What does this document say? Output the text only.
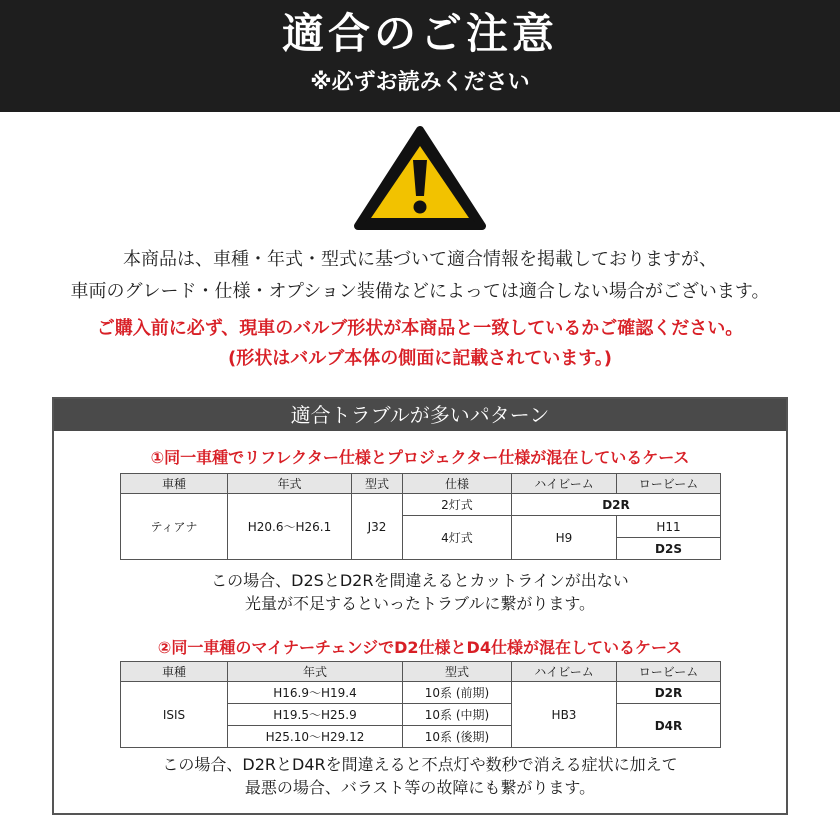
適合のご注意
※必ずお読みください
本商品は、車種・年式・型式に基づいて適合情報を掲載しておりますが、
車両のグレード・仕様・オプション装備などによっては適合しない場合がございます。
ご購入前に必ず、現車のバルブ形状が本商品と一致しているかご確認ください。
(形状はバルブ本体の側面に記載されています。)
適合トラブルが多いパターン
①同一車種でリフレクター仕様とプロジェクター仕様が混在しているケース
車種	年式	型式	仕様	ハイビーム	ロービーム
ティアナ	H20.6〜H26.1	J32	2灯式	D2R	
			4灯式	H9	H11
					D2S
この場合、D2SとD2Rを間違えるとカットラインが出ない
光量が不足するといったトラブルに繋がります。
②同一車種のマイナーチェンジでD2仕様とD4仕様が混在しているケース
車種	年式	型式	ハイビーム	ロービーム
ISIS	H16.9〜H19.4	10系 (前期)	HB3	D2R
	H19.5〜H25.9	10系 (中期)		D4R
	H25.10〜H29.12	10系 (後期)		
この場合、D2RとD4Rを間違えると不点灯や数秒で消える症状に加えて
最悪の場合、バラスト等の故障にも繋がります。
